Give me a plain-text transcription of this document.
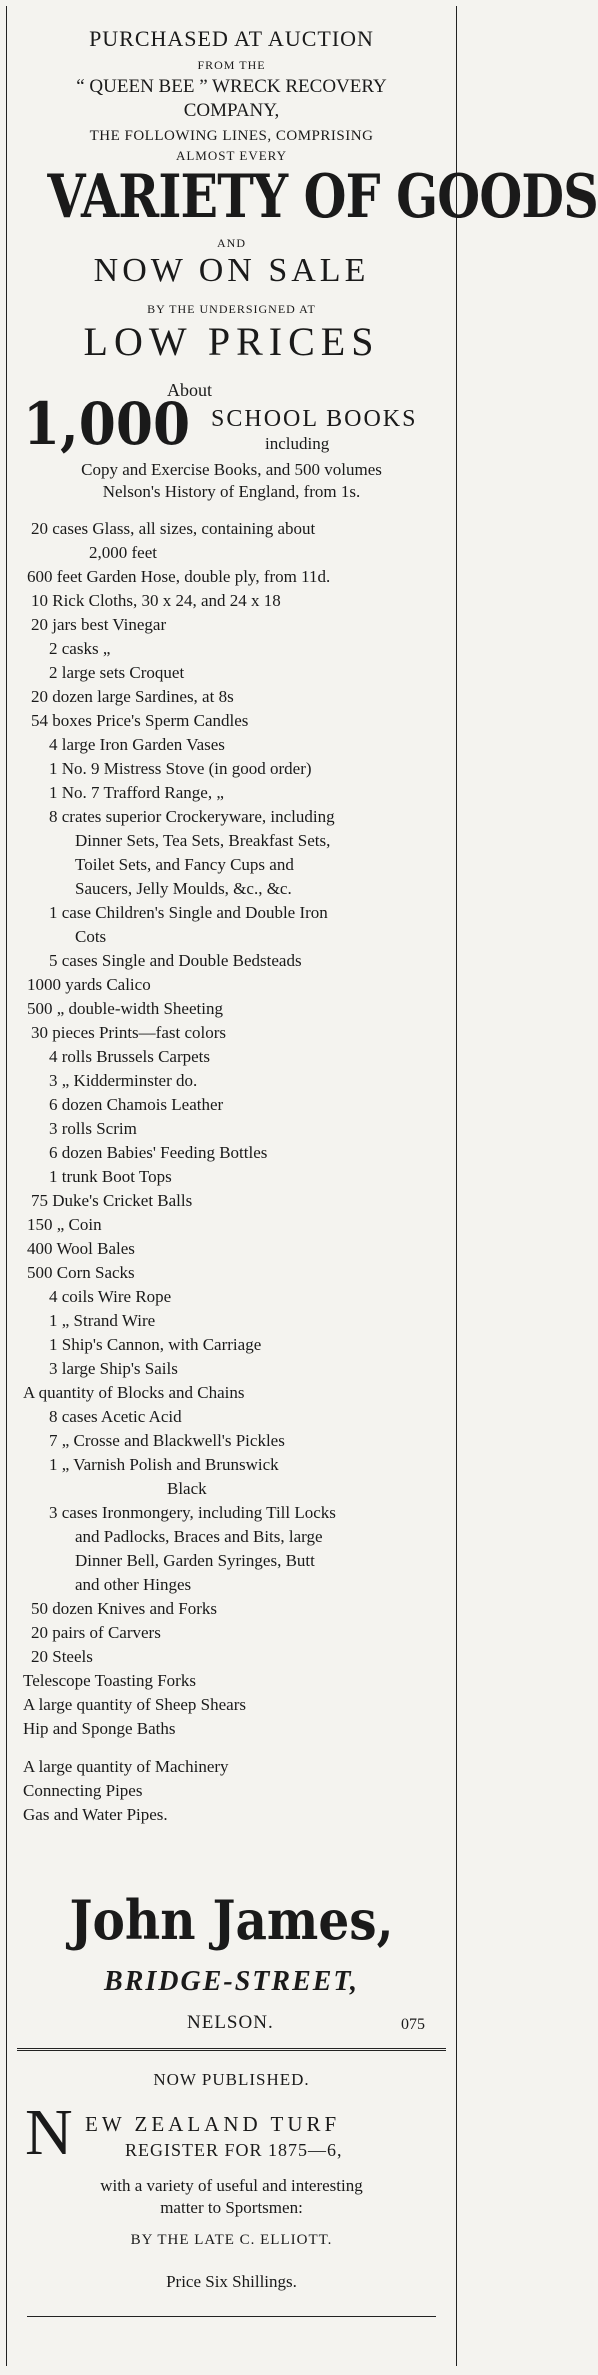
PURCHASED AT AUCTION
FROM THE
“ QUEEN BEE ” WRECK RECOVERY
COMPANY,
THE FOLLOWING LINES, COMPRISING
ALMOST EVERY
VARIETY OF GOODS
AND
NOW ON SALE
BY THE UNDERSIGNED AT
LOW PRICES
About
1,000 SCHOOL BOOKS
including
Copy and Exercise Books, and 500 volumes
Nelson's History of England, from 1s.
20 cases Glass, all sizes, containing about
2,000 feet
600 feet Garden Hose, double ply, from 11d.
10 Rick Cloths, 30 x 24, and 24 x 18
20 jars best Vinegar
2 casks „
2 large sets Croquet
20 dozen large Sardines, at 8s
54 boxes Price's Sperm Candles
4 large Iron Garden Vases
1 No. 9 Mistress Stove (in good order)
1 No. 7 Trafford Range, „
8 crates superior Crockeryware, including
Dinner Sets, Tea Sets, Breakfast Sets,
Toilet Sets, and Fancy Cups and
Saucers, Jelly Moulds, &c., &c.
1 case Children's Single and Double Iron
Cots
5 cases Single and Double Bedsteads
1000 yards Calico
500 „ double-width Sheeting
30 pieces Prints—fast colors
4 rolls Brussels Carpets
3 „ Kidderminster do.
6 dozen Chamois Leather
3 rolls Scrim
6 dozen Babies' Feeding Bottles
1 trunk Boot Tops
75 Duke's Cricket Balls
150 „ Coin
400 Wool Bales
500 Corn Sacks
4 coils Wire Rope
1 „ Strand Wire
1 Ship's Cannon, with Carriage
3 large Ship's Sails
A quantity of Blocks and Chains
8 cases Acetic Acid
7 „ Crosse and Blackwell's Pickles
1 „ Varnish Polish and Brunswick
Black
3 cases Ironmongery, including Till Locks
and Padlocks, Braces and Bits, large
Dinner Bell, Garden Syringes, Butt
and other Hinges
50 dozen Knives and Forks
20 pairs of Carvers
20 Steels
Telescope Toasting Forks
A large quantity of Sheep Shears
Hip and Sponge Baths
A large quantity of Machinery
Connecting Pipes
Gas and Water Pipes.
John James,
BRIDGE-STREET,
NELSON.	075
NOW PUBLISHED.
N EW ZEALAND TURF
REGISTER FOR 1875—6,
with a variety of useful and interesting
matter to Sportsmen:
BY THE LATE C. ELLIOTT.
Price Six Shillings.
